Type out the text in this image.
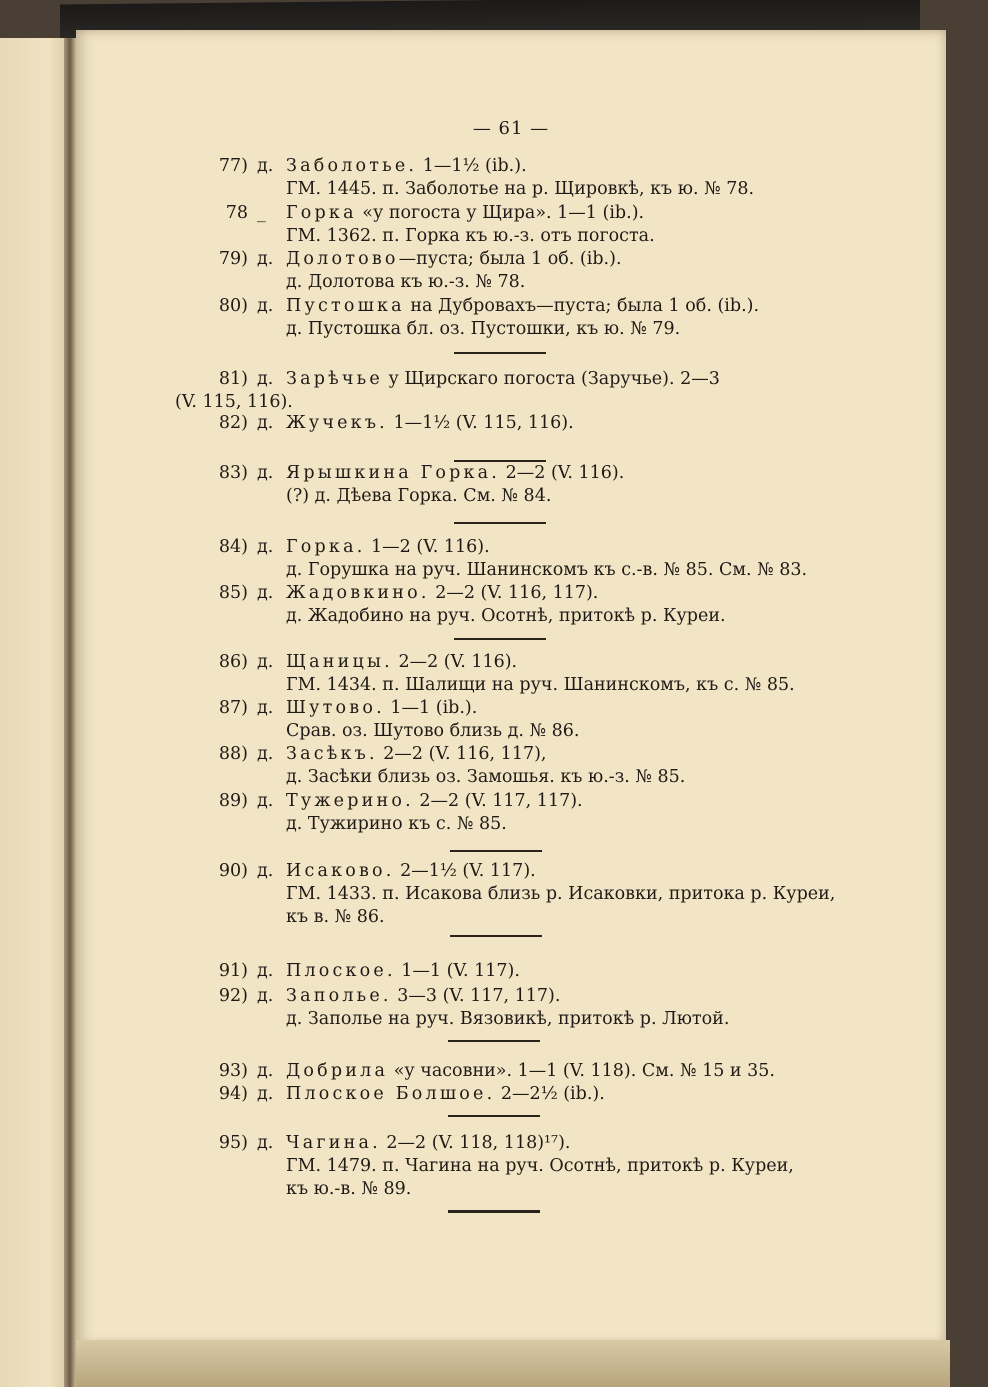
— 61 —
77) д. Заболотье. 1—1½ (ib.).
ГМ. 1445. п. Заболотье на р. Щировкѣ, къ ю. № 78.
78 _ Горка «у погоста у Щира». 1—1 (ib.).
ГМ. 1362. п. Горка къ ю.-з. отъ погоста.
79) д. Долотово—пуста; была 1 об. (ib.).
д. Долотова къ ю.-з. № 78.
80) д. Пустошка на Дубровахъ—пуста; была 1 об. (ib.).
д. Пустошка бл. оз. Пустошки, къ ю. № 79.
81) д. Зарѣчье у Щирскаго погоста (Заручье). 2—3
(V. 115, 116).
82) д. Жучекъ. 1—1½ (V. 115, 116).
83) д. Ярышкина Горка. 2—2 (V. 116).
(?) д. Дѣева Горка. См. № 84.
84) д. Горка. 1—2 (V. 116).
д. Горушка на руч. Шанинскомъ къ с.-в. № 85. См. № 83.
85) д. Жадовкино. 2—2 (V. 116, 117).
д. Жадобино на руч. Осотнѣ, притокѣ р. Куреи.
86) д. Щаницы. 2—2 (V. 116).
ГМ. 1434. п. Шалищи на руч. Шанинскомъ, къ с. № 85.
87) д. Шутово. 1—1 (ib.).
Срав. оз. Шутово близь д. № 86.
88) д. Засѣкъ. 2—2 (V. 116, 117),
д. Засѣки близь оз. Замошья. къ ю.-з. № 85.
89) д. Тужерино. 2—2 (V. 117, 117).
д. Тужирино къ с. № 85.
90) д. Исаково. 2—1½ (V. 117).
ГМ. 1433. п. Исакова близь р. Исаковки, притока р. Куреи,
къ в. № 86.
91) д. Плоское. 1—1 (V. 117).
92) д. Заполье. 3—3 (V. 117, 117).
д. Заполье на руч. Вязовикѣ, притокѣ р. Лютой.
93) д. Добрила «у часовни». 1—1 (V. 118). См. № 15 и 35.
94) д. Плоское Болшое. 2—2½ (ib.).
95) д. Чагина. 2—2 (V. 118, 118)¹⁷).
ГМ. 1479. п. Чагина на руч. Осотнѣ, притокѣ р. Куреи,
къ ю.-в. № 89.
